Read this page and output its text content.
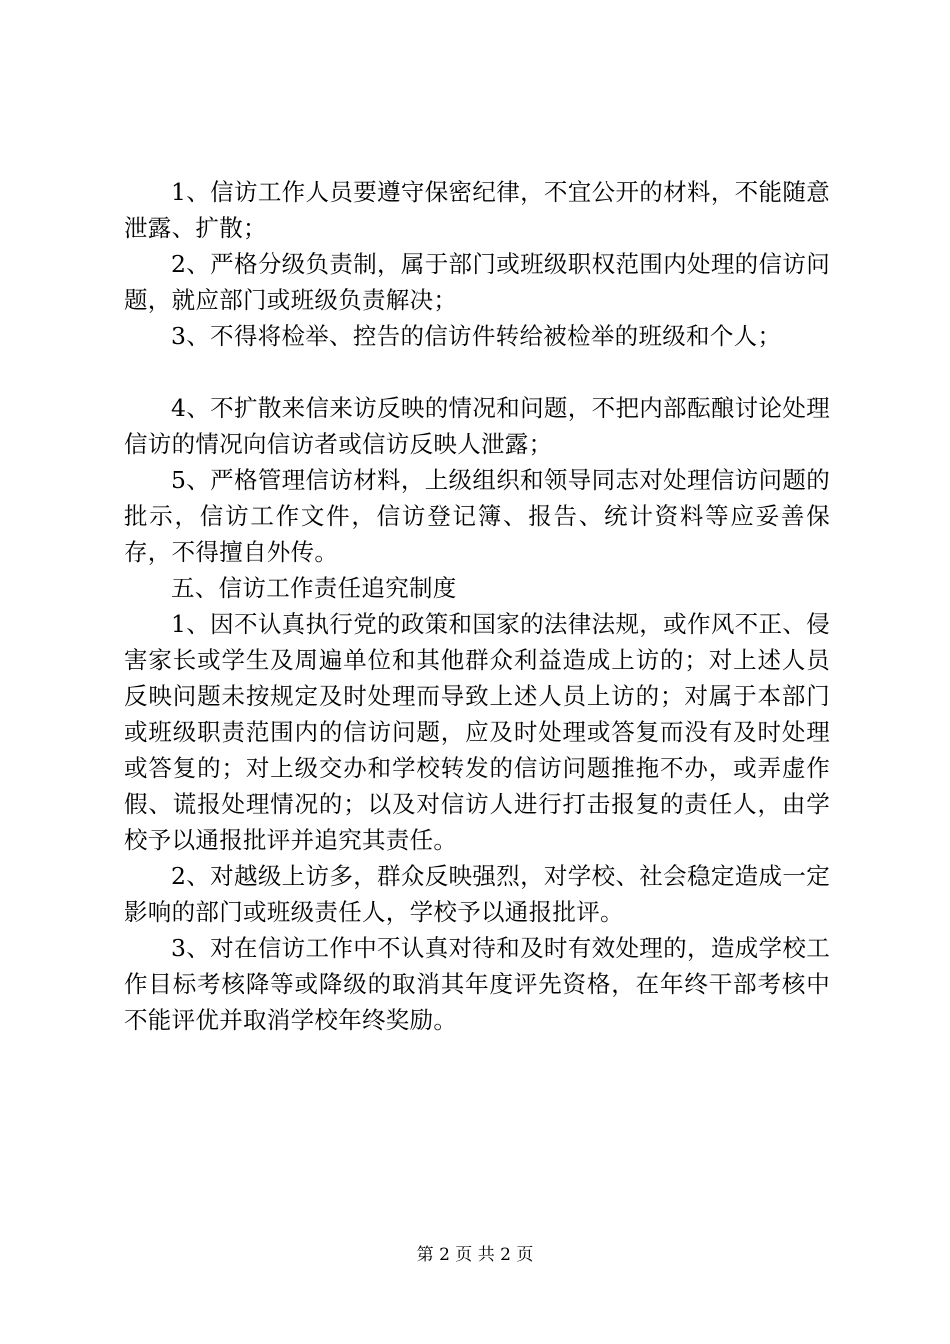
1、信访工作人员要遵守保密纪律，不宜公开的材料，不能随意泄露、扩散；

2、严格分级负责制，属于部门或班级职权范围内处理的信访问题，就应部门或班级负责解决；

3、不得将检举、控告的信访件转给被检举的班级和个人；

4、不扩散来信来访反映的情况和问题，不把内部酝酿讨论处理信访的情况向信访者或信访反映人泄露；

5、严格管理信访材料，上级组织和领导同志对处理信访问题的批示，信访工作文件，信访登记簿、报告、统计资料等应妥善保存，不得擅自外传。

五、信访工作责任追究制度

1、因不认真执行党的政策和国家的法律法规，或作风不正、侵害家长或学生及周遍单位和其他群众利益造成上访的；对上述人员反映问题未按规定及时处理而导致上述人员上访的；对属于本部门或班级职责范围内的信访问题，应及时处理或答复而没有及时处理或答复的；对上级交办和学校转发的信访问题推拖不办，或弄虚作假、谎报处理情况的；以及对信访人进行打击报复的责任人，由学校予以通报批评并追究其责任。

2、对越级上访多，群众反映强烈，对学校、社会稳定造成一定影响的部门或班级责任人，学校予以通报批评。

3、对在信访工作中不认真对待和及时有效处理的，造成学校工作目标考核降等或降级的取消其年度评先资格，在年终干部考核中不能评优并取消学校年终奖励。

第 2 页 共 2 页
